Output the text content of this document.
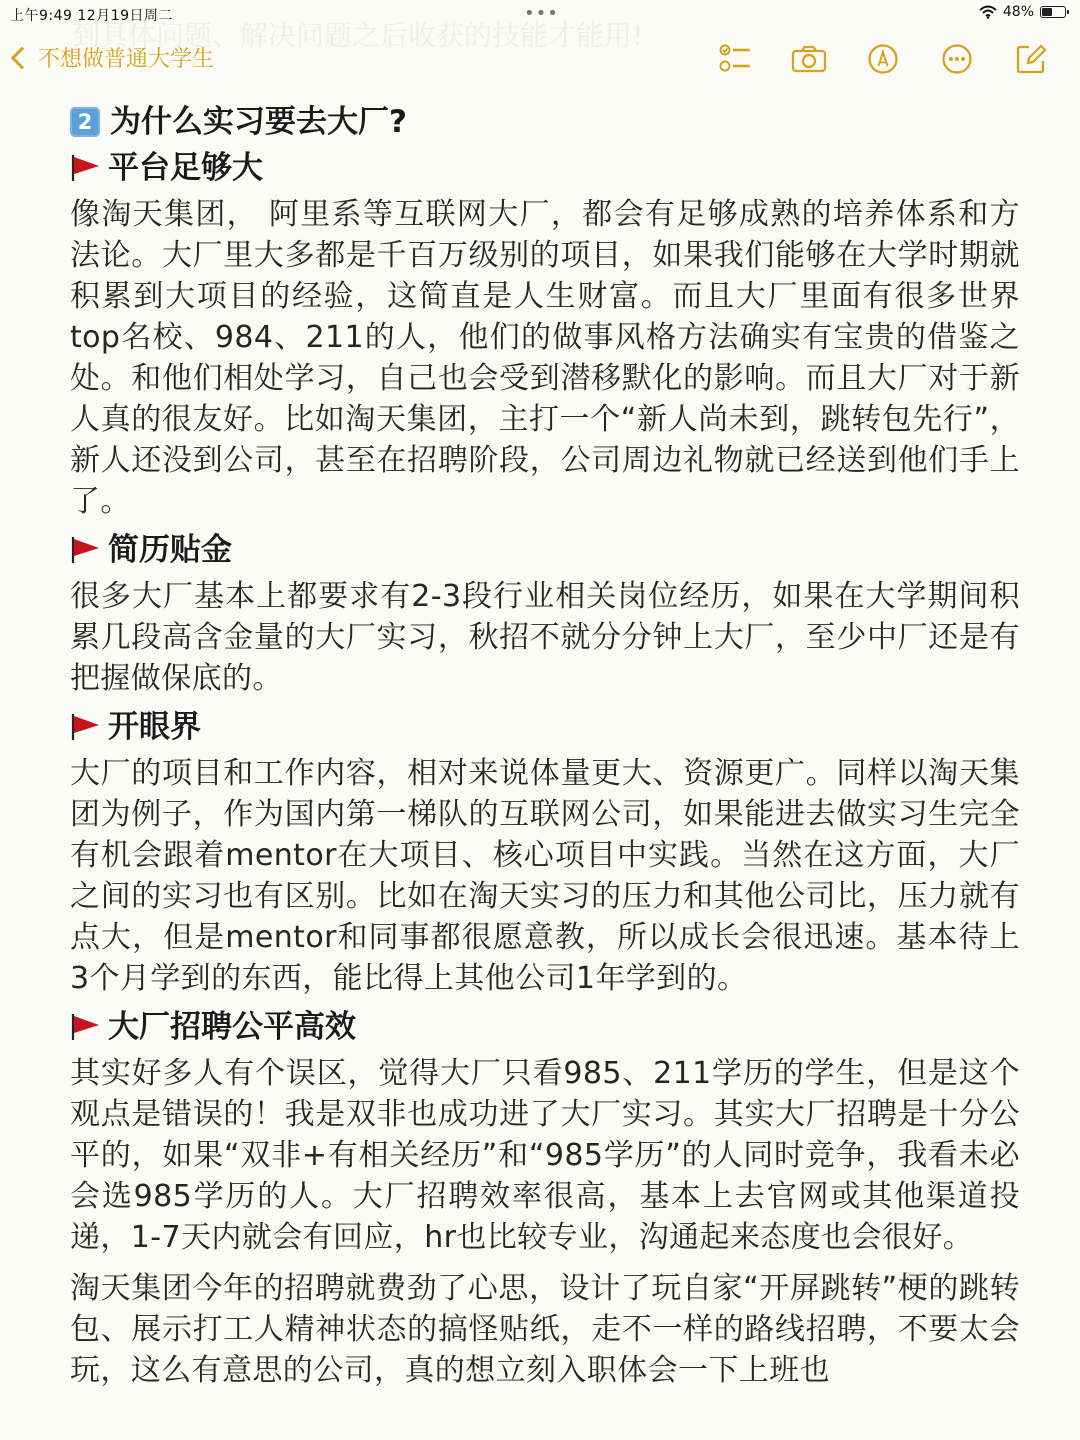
上午9:49 12月19日周二	•••	48%
到具体问题、解决问题之后收获的技能才能用!
不想做普通大学生
2 为什么实习要去大厂?
平台足够大
像淘天集团， 阿里系等互联网大厂，都会有足够成熟的培养体系和方法论。大厂里大多都是千百万级别的项目，如果我们能够在大学时期就积累到大项目的经验，这简直是人生财富。而且大厂里面有很多世界top名校、984、211的人，他们的做事风格方法确实有宝贵的借鉴之处。和他们相处学习，自己也会受到潜移默化的影响。而且大厂对于新人真的很友好。比如淘天集团，主打一个“新人尚未到，跳转包先行”，新人还没到公司，甚至在招聘阶段，公司周边礼物就已经送到他们手上了。
简历贴金
很多大厂基本上都要求有2-3段行业相关岗位经历，如果在大学期间积累几段高含金量的大厂实习，秋招不就分分钟上大厂，至少中厂还是有把握做保底的。
开眼界
大厂的项目和工作内容，相对来说体量更大、资源更广。同样以淘天集团为例子，作为国内第一梯队的互联网公司，如果能进去做实习生完全有机会跟着mentor在大项目、核心项目中实践。当然在这方面，大厂之间的实习也有区别。比如在淘天实习的压力和其他公司比，压力就有点大，但是mentor和同事都很愿意教，所以成长会很迅速。基本待上3个月学到的东西，能比得上其他公司1年学到的。
大厂招聘公平高效
其实好多人有个误区，觉得大厂只看985、211学历的学生，但是这个观点是错误的！我是双非也成功进了大厂实习。其实大厂招聘是十分公平的，如果“双非+有相关经历”和“985学历”的人同时竞争，我看未必会选985学历的人。大厂招聘效率很高，基本上去官网或其他渠道投递，1-7天内就会有回应，hr也比较专业，沟通起来态度也会很好。
淘天集团今年的招聘就费劲了心思，设计了玩自家“开屏跳转”梗的跳转包、展示打工人精神状态的搞怪贴纸，走不一样的路线招聘，不要太会玩，这么有意思的公司，真的想立刻入职体会一下上班也
